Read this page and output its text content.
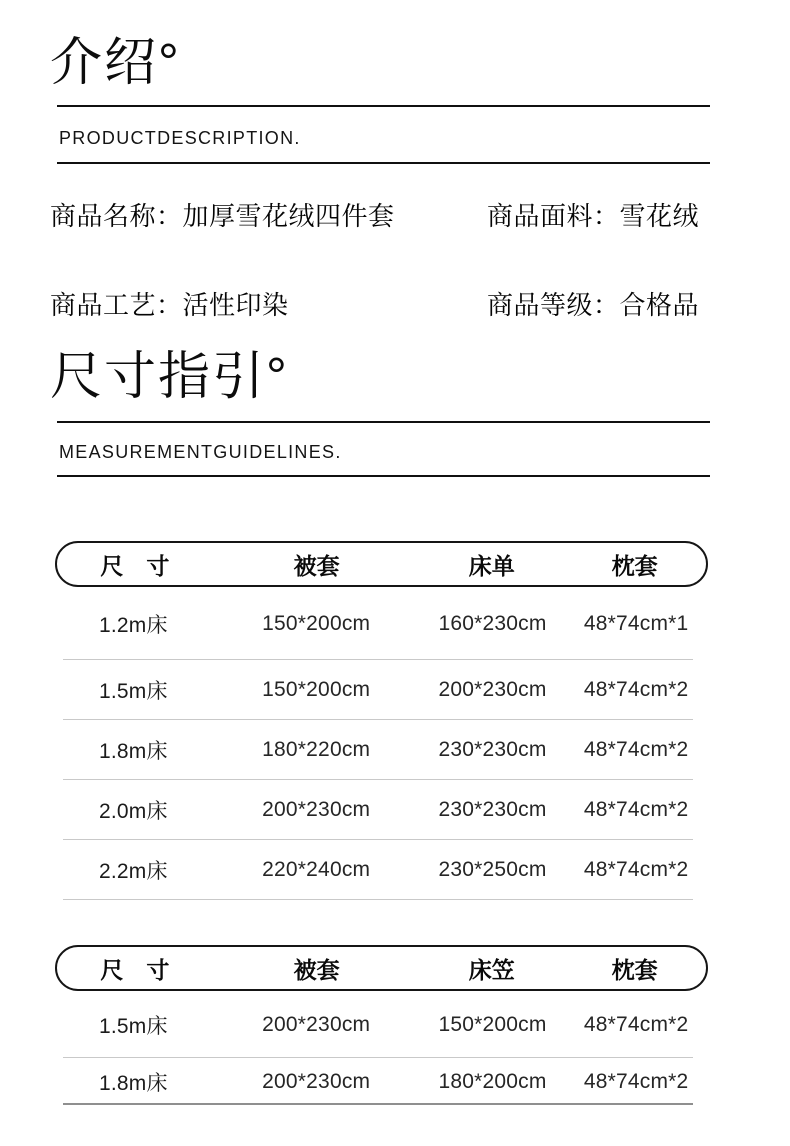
介绍°
PRODUCTDESCRIPTION.
商品名称：加厚雪花绒四件套	商品面料：雪花绒
商品工艺：活性印染	商品等级：合格品
尺寸指引°
MEASUREMENTGUIDELINES.
尺　寸	被套	床单	枕套
1.2m床	150*200cm	160*230cm	48*74cm*1
1.5m床	150*200cm	200*230cm	48*74cm*2
1.8m床	180*220cm	230*230cm	48*74cm*2
2.0m床	200*230cm	230*230cm	48*74cm*2
2.2m床	220*240cm	230*250cm	48*74cm*2
尺　寸	被套	床笠	枕套
1.5m床	200*230cm	150*200cm	48*74cm*2
1.8m床	200*230cm	180*200cm	48*74cm*2
